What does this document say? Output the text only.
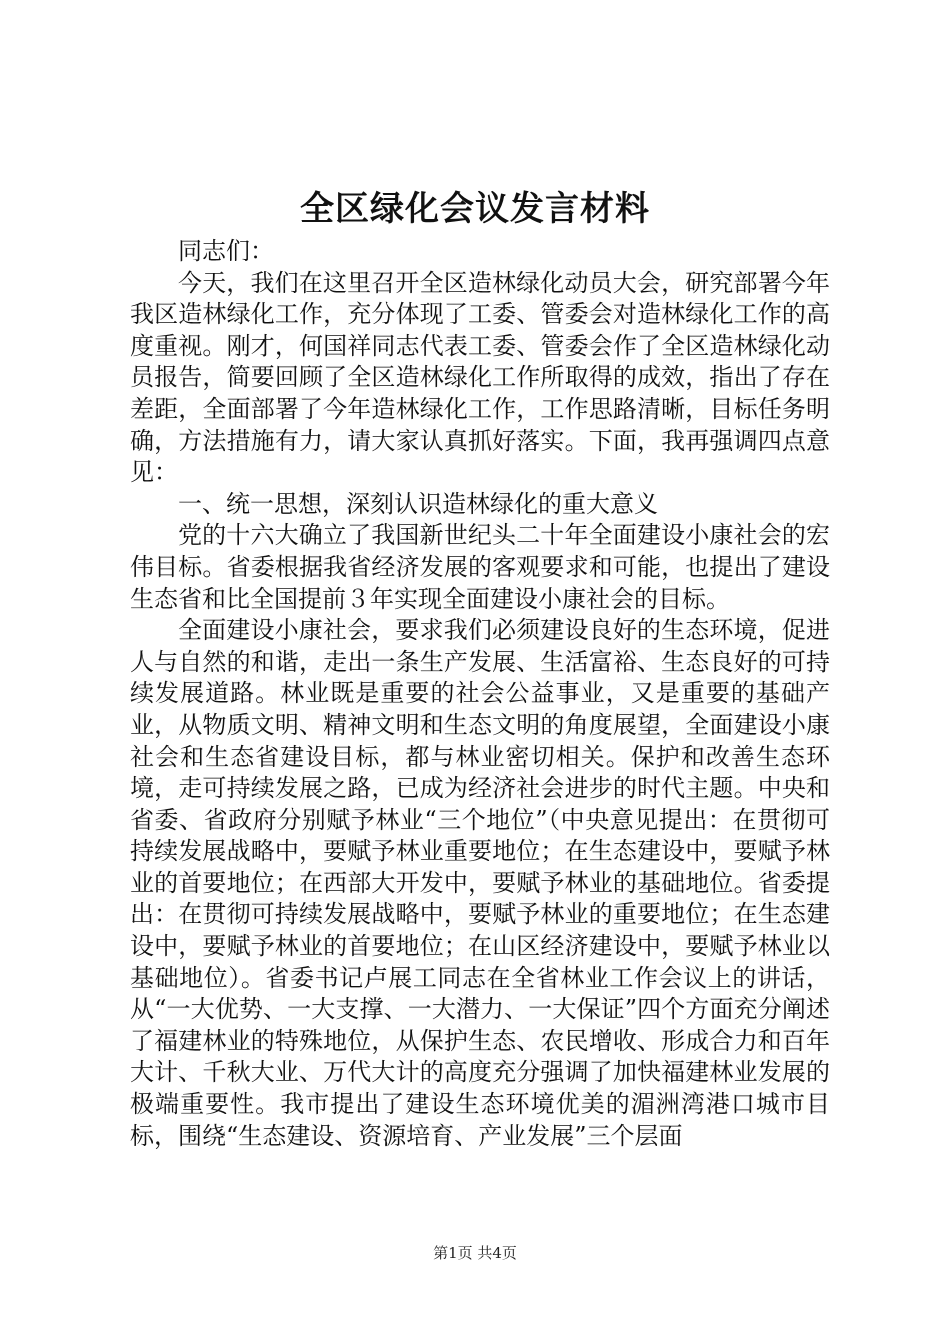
全区绿化会议发言材料

同志们：

今天，我们在这里召开全区造林绿化动员大会，研究部署今年我区造林绿化工作，充分体现了工委、管委会对造林绿化工作的高度重视。刚才，何国祥同志代表工委、管委会作了全区造林绿化动员报告，简要回顾了全区造林绿化工作所取得的成效，指出了存在差距，全面部署了今年造林绿化工作，工作思路清晰，目标任务明确，方法措施有力，请大家认真抓好落实。下面，我再强调四点意见：

一、统一思想，深刻认识造林绿化的重大意义

党的十六大确立了我国新世纪头二十年全面建设小康社会的宏伟目标。省委根据我省经济发展的客观要求和可能，也提出了建设生态省和比全国提前３年实现全面建设小康社会的目标。

全面建设小康社会，要求我们必须建设良好的生态环境，促进人与自然的和谐，走出一条生产发展、生活富裕、生态良好的可持续发展道路。林业既是重要的社会公益事业，又是重要的基础产业，从物质文明、精神文明和生态文明的角度展望，全面建设小康社会和生态省建设目标，都与林业密切相关。保护和改善生态环境，走可持续发展之路，已成为经济社会进步的时代主题。中央和省委、省政府分别赋予林业“三个地位”（中央意见提出：在贯彻可持续发展战略中，要赋予林业重要地位；在生态建设中，要赋予林业的首要地位；在西部大开发中，要赋予林业的基础地位。省委提出：在贯彻可持续发展战略中，要赋予林业的重要地位；在生态建设中，要赋予林业的首要地位；在山区经济建设中，要赋予林业以基础地位）。省委书记卢展工同志在全省林业工作会议上的讲话，从“一大优势、一大支撑、一大潜力、一大保证”四个方面充分阐述了福建林业的特殊地位，从保护生态、农民增收、形成合力和百年大计、千秋大业、万代大计的高度充分强调了加快福建林业发展的极端重要性。我市提出了建设生态环境优美的湄洲湾港口城市目标，围绕“生态建设、资源培育、产业发展”三个层面

第1页 共4页
